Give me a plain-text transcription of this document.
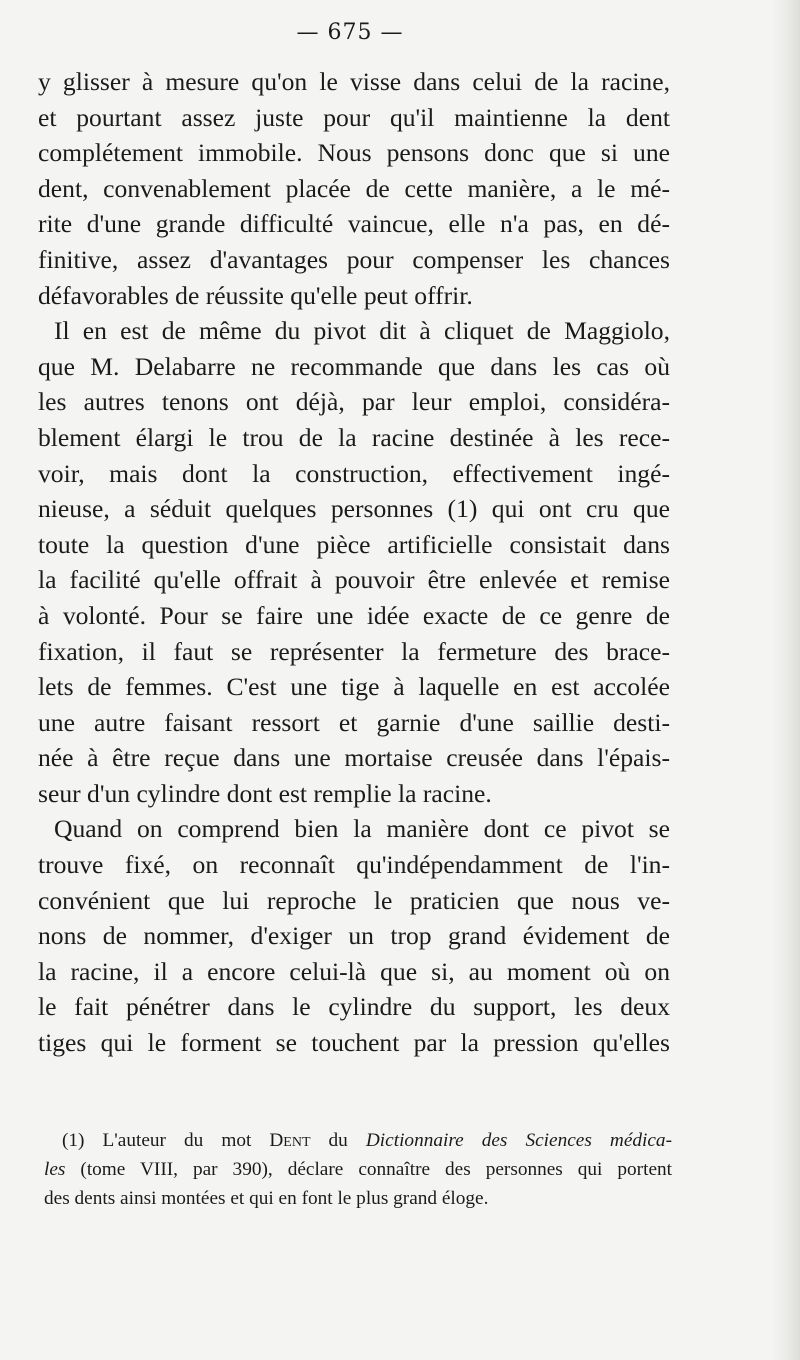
— 675 —
y glisser à mesure qu'on le visse dans celui de la racine,
et pourtant assez juste pour qu'il maintienne la dent
complétement immobile. Nous pensons donc que si une
dent, convenablement placée de cette manière, a le mé-
rite d'une grande difficulté vaincue, elle n'a pas, en dé-
finitive, assez d'avantages pour compenser les chances
défavorables de réussite qu'elle peut offrir.
Il en est de même du pivot dit à cliquet de Maggiolo,
que M. Delabarre ne recommande que dans les cas où
les autres tenons ont déjà, par leur emploi, considéra-
blement élargi le trou de la racine destinée à les rece-
voir, mais dont la construction, effectivement ingé-
nieuse, a séduit quelques personnes (1) qui ont cru que
toute la question d'une pièce artificielle consistait dans
la facilité qu'elle offrait à pouvoir être enlevée et remise
à volonté. Pour se faire une idée exacte de ce genre de
fixation, il faut se représenter la fermeture des brace-
lets de femmes. C'est une tige à laquelle en est accolée
une autre faisant ressort et garnie d'une saillie desti-
née à être reçue dans une mortaise creusée dans l'épais-
seur d'un cylindre dont est remplie la racine.
Quand on comprend bien la manière dont ce pivot se
trouve fixé, on reconnaît qu'indépendamment de l'in-
convénient que lui reproche le praticien que nous ve-
nons de nommer, d'exiger un trop grand évidement de
la racine, il a encore celui-là que si, au moment où on
le fait pénétrer dans le cylindre du support, les deux
tiges qui le forment se touchent par la pression qu'elles
(1) L'auteur du mot Dent du Dictionnaire des Sciences médica-
les (tome VIII, par 390), déclare connaître des personnes qui portent
des dents ainsi montées et qui en font le plus grand éloge.
